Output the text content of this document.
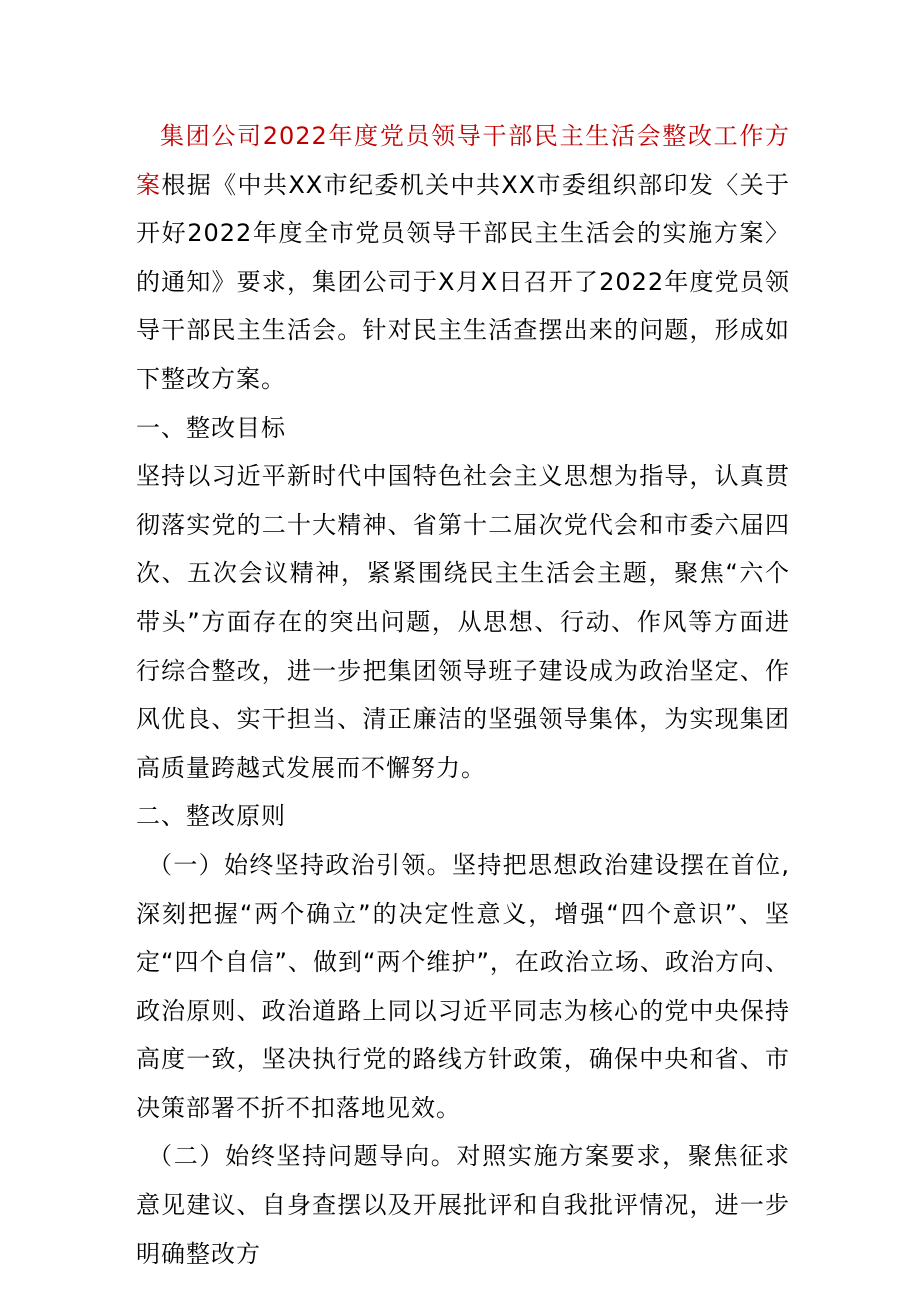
集团公司2022年度党员领导干部民主生活会整改工作方案根据《中共XX市纪委机关中共XX市委组织部印发〈关于开好2022年度全市党员领导干部民主生活会的实施方案〉的通知》要求，集团公司于X月X日召开了2022年度党员领导干部民主生活会。针对民主生活查摆出来的问题，形成如下整改方案。

一、整改目标

坚持以习近平新时代中国特色社会主义思想为指导，认真贯彻落实党的二十大精神、省第十二届次党代会和市委六届四次、五次会议精神，紧紧围绕民主生活会主题，聚焦“六个带头”方面存在的突出问题，从思想、行动、作风等方面进行综合整改，进一步把集团领导班子建设成为政治坚定、作风优良、实干担当、清正廉洁的坚强领导集体，为实现集团高质量跨越式发展而不懈努力。

二、整改原则

（一）始终坚持政治引领。坚持把思想政治建设摆在首位,深刻把握“两个确立”的决定性意义，增强“四个意识”、坚定“四个自信”、做到“两个维护”，在政治立场、政治方向、政治原则、政治道路上同以习近平同志为核心的党中央保持高度一致，坚决执行党的路线方针政策，确保中央和省、市决策部署不折不扣落地见效。

（二）始终坚持问题导向。对照实施方案要求，聚焦征求意见建议、自身查摆以及开展批评和自我批评情况，进一步明确整改方
